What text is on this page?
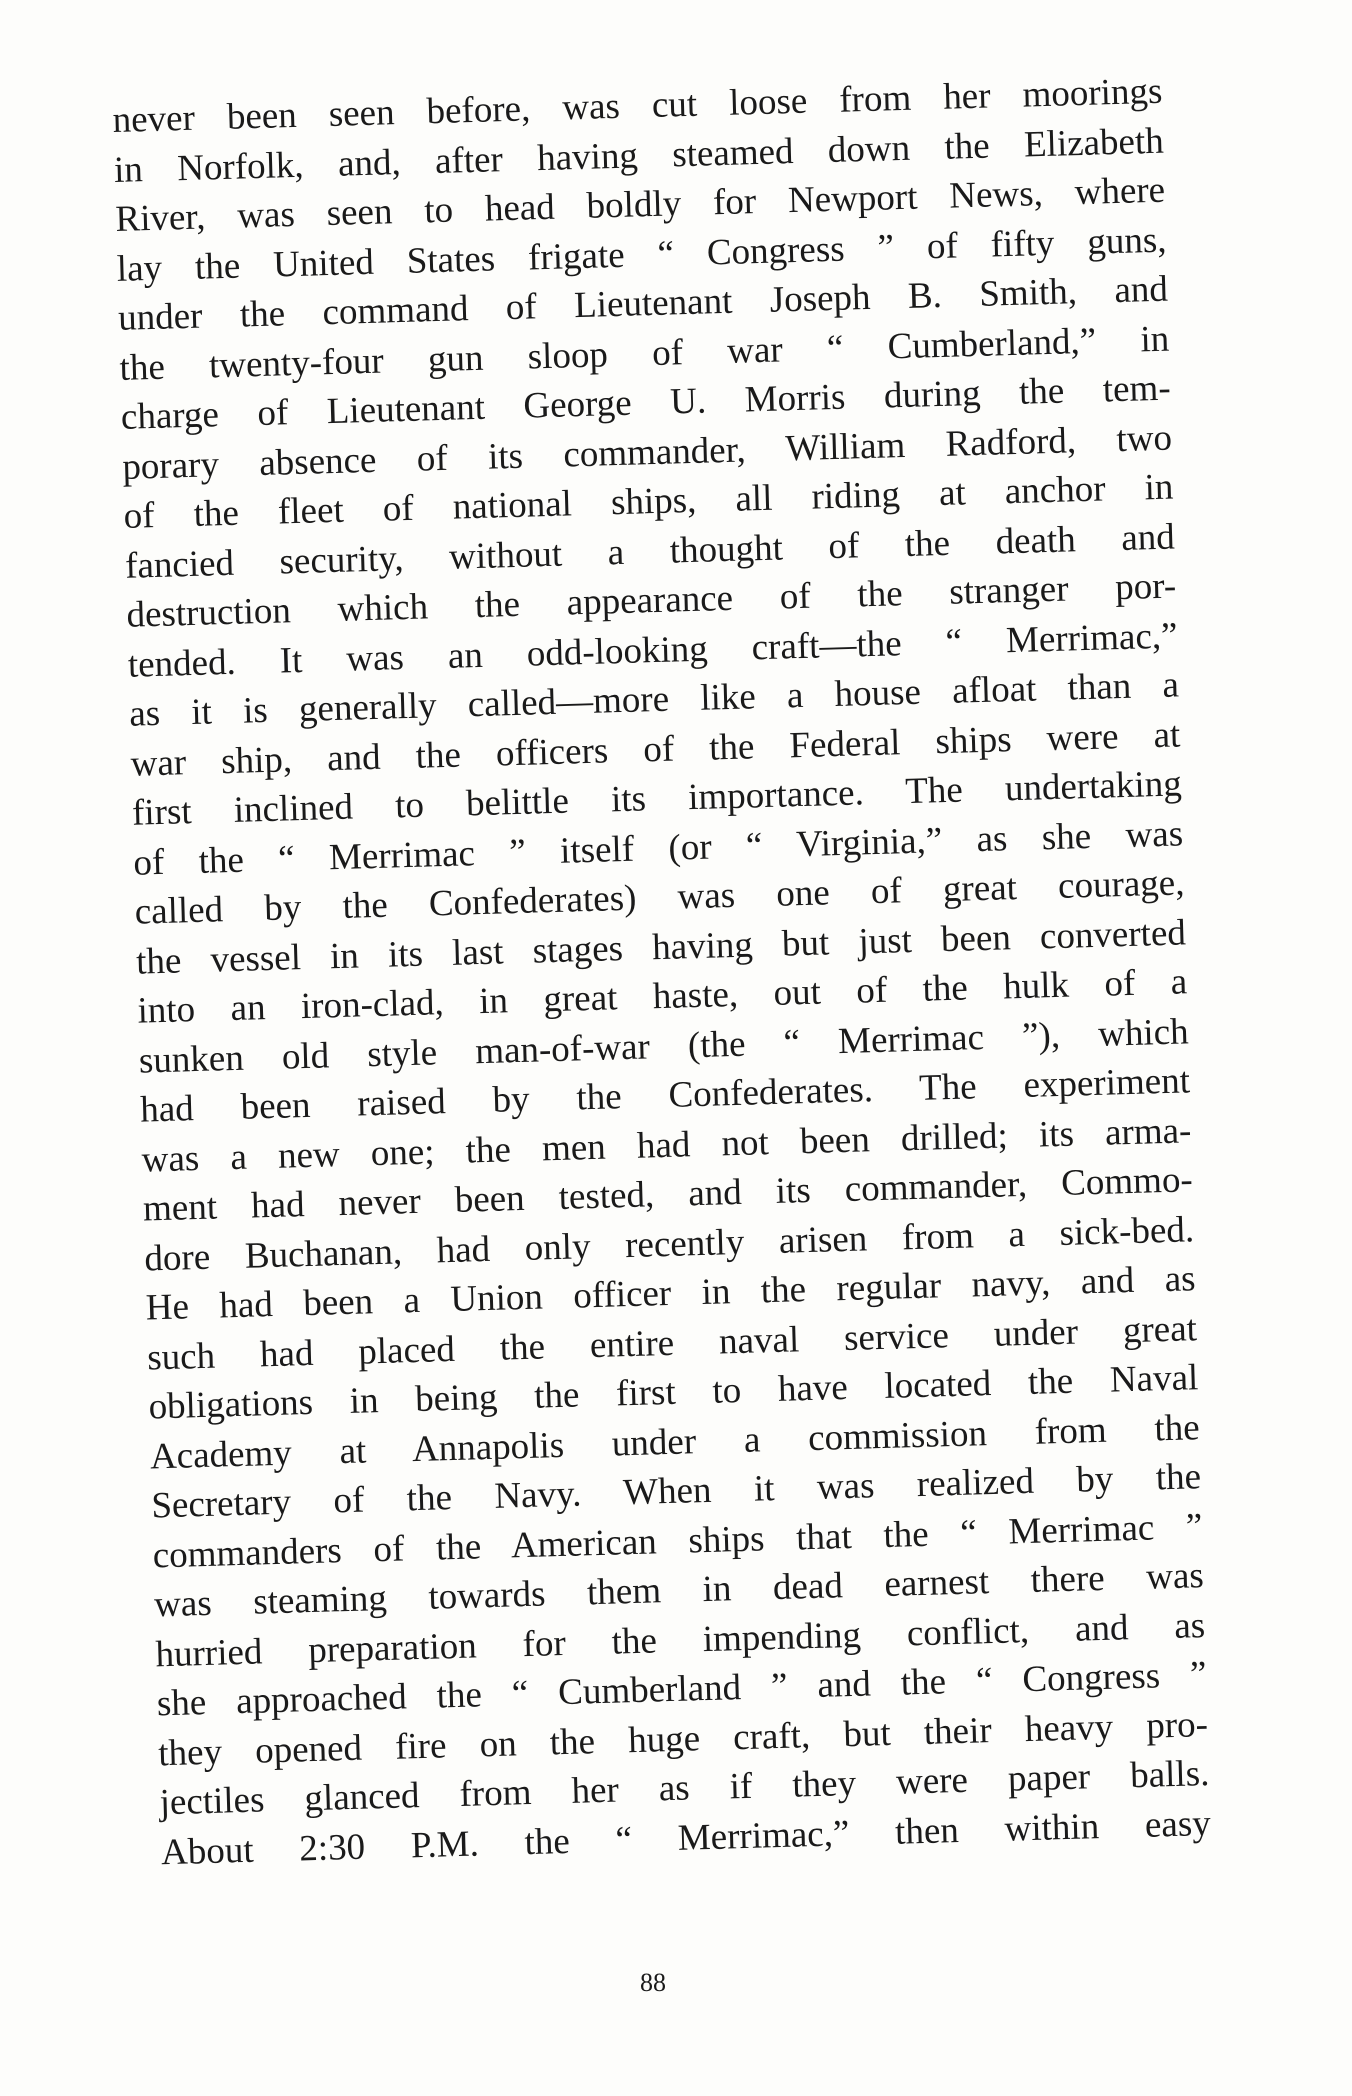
never been seen before, was cut loose from her moorings
in Norfolk, and, after having steamed down the Elizabeth
River, was seen to head boldly for Newport News, where
lay the United States frigate “ Congress ” of fifty guns,
under the command of Lieutenant Joseph B. Smith, and
the twenty-four gun sloop of war “ Cumberland,” in
charge of Lieutenant George U. Morris during the tem-
porary absence of its commander, William Radford, two
of the fleet of national ships, all riding at anchor in
fancied security, without a thought of the death and
destruction which the appearance of the stranger por-
tended. It was an odd-looking craft—the “ Merrimac,”
as it is generally called—more like a house afloat than a
war ship, and the officers of the Federal ships were at
first inclined to belittle its importance. The undertaking
of the “ Merrimac ” itself (or “ Virginia,” as she was
called by the Confederates) was one of great courage,
the vessel in its last stages having but just been converted
into an iron-clad, in great haste, out of the hulk of a
sunken old style man-of-war (the “ Merrimac ”), which
had been raised by the Confederates. The experiment
was a new one; the men had not been drilled; its arma-
ment had never been tested, and its commander, Commo-
dore Buchanan, had only recently arisen from a sick-bed.
He had been a Union officer in the regular navy, and as
such had placed the entire naval service under great
obligations in being the first to have located the Naval
Academy at Annapolis under a commission from the
Secretary of the Navy. When it was realized by the
commanders of the American ships that the “ Merrimac ”
was steaming towards them in dead earnest there was
hurried preparation for the impending conflict, and as
she approached the “ Cumberland ” and the “ Congress ”
they opened fire on the huge craft, but their heavy pro-
jectiles glanced from her as if they were paper balls.
About 2:30 P.M. the “ Merrimac,” then within easy
88
